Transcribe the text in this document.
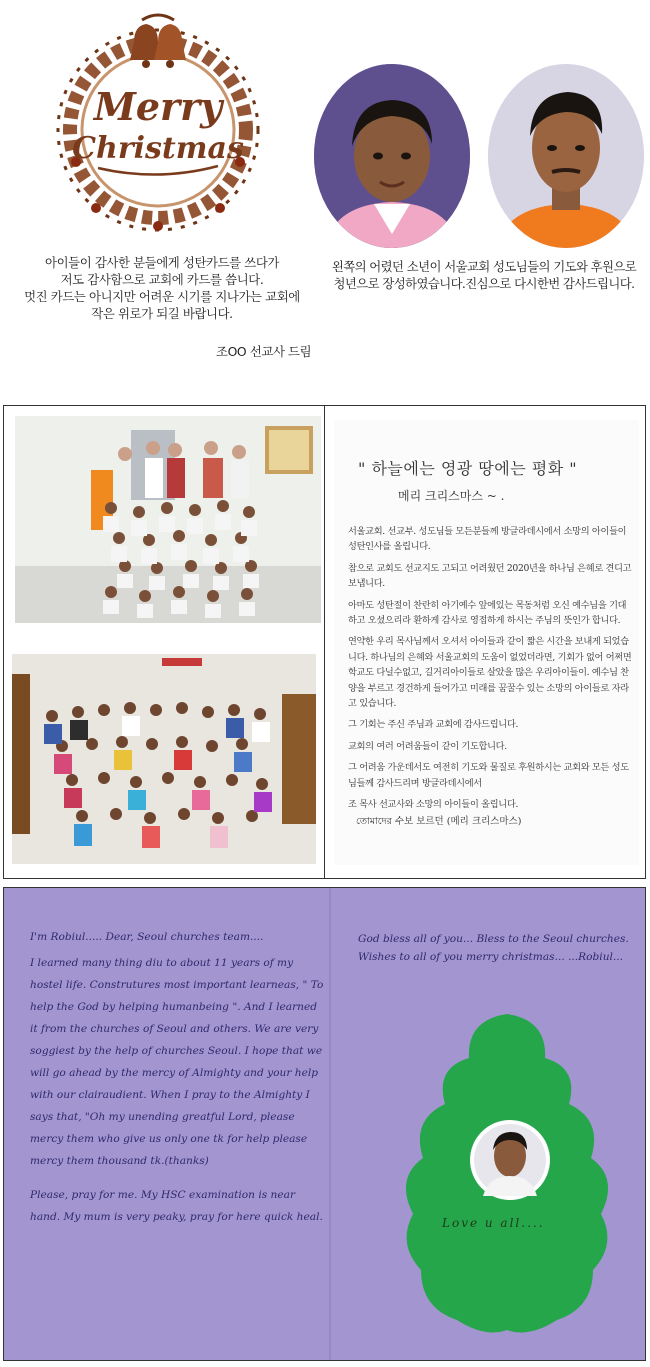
Merry
Christmas
아이들이 감사한 분들에게 성탄카드를 쓰다가
저도 감사함으로 교회에 카드를 씁니다.
멋진 카드는 아니지만 어려운 시기를 지나가는 교회에
작은 위로가 되길 바랍니다.
조OO 선교사 드림
왼쪽의 어렸던 소년이 서울교회 성도님들의 기도와 후원으로
청년으로 장성하였습니다.진심으로 다시한번 감사드립니다.
" 하늘에는 영광 땅에는 평화 "
메리 크리스마스 ~ .

서울교회. 선교부. 성도님들 모든분들께 방글라데시에서 소망의 아이들이 성탄인사를 올립니다.

참으로 교회도 선교지도 고되고 어려웠던 2020년을 하나님 은혜로 견디고 보냅니다.

아마도 성탄절이 찬란히 아기예수 앞에있는 목동처럼 오신 예수님을 기대하고 오셨으리라 환하게 감사로 영접하게 하시는 주님의 뜻인가 합니다.

연약한 우리 목사님께서 오셔서 아이들과 같이 짧은 시간을 보내게 되었습니다. 하나님의 은혜와 서울교회의 도움이 없었더라면, 기회가 없어 어쩌면 학교도 다닐수없고, 길거리아이들로 살았을 많은 우리아이들이. 예수님 찬양을 부르고 경건하게 들어가고 미래를 꿈꿀수 있는 소망의 아이들로 자라고 있습니다.

그 기회는 주신 주님과 교회에 감사드립니다.

교회의 여러 어려움들이 같이 기도합니다.

그 어려움 가운데서도 여전히 기도와 물질로 후원하시는 교회와 모든 성도님들께 감사드리며 방글라데시에서

조 목사 선교사와 소망의 아이들이 올립니다.

তোমাদের 수보 보르던 (메리 크리스마스)

I'm Robiul..... Dear, Seoul churches team....

I learned many thing diu to about 11 years of my hostel life. Construtures most important learneas, " To help the God by helping humanbeing ". And I learned it from the churches of Seoul and others. We are very soggiest by the help of churches Seoul. I hope that we will go ahead by the mercy of Almighty and your help with our clairaudient. When I pray to the Almighty I says that, "Oh my unending greatful Lord, please mercy them who give us only one tk for help please mercy them thousand tk.(thanks)

Please, pray for me. My HSC examination is near hand. My mum is very peaky, pray for here quick heal.

God bless all of you... Bless to the Seoul churches. Wishes to all of you merry christmas... ...Robiul...
Love u all....
